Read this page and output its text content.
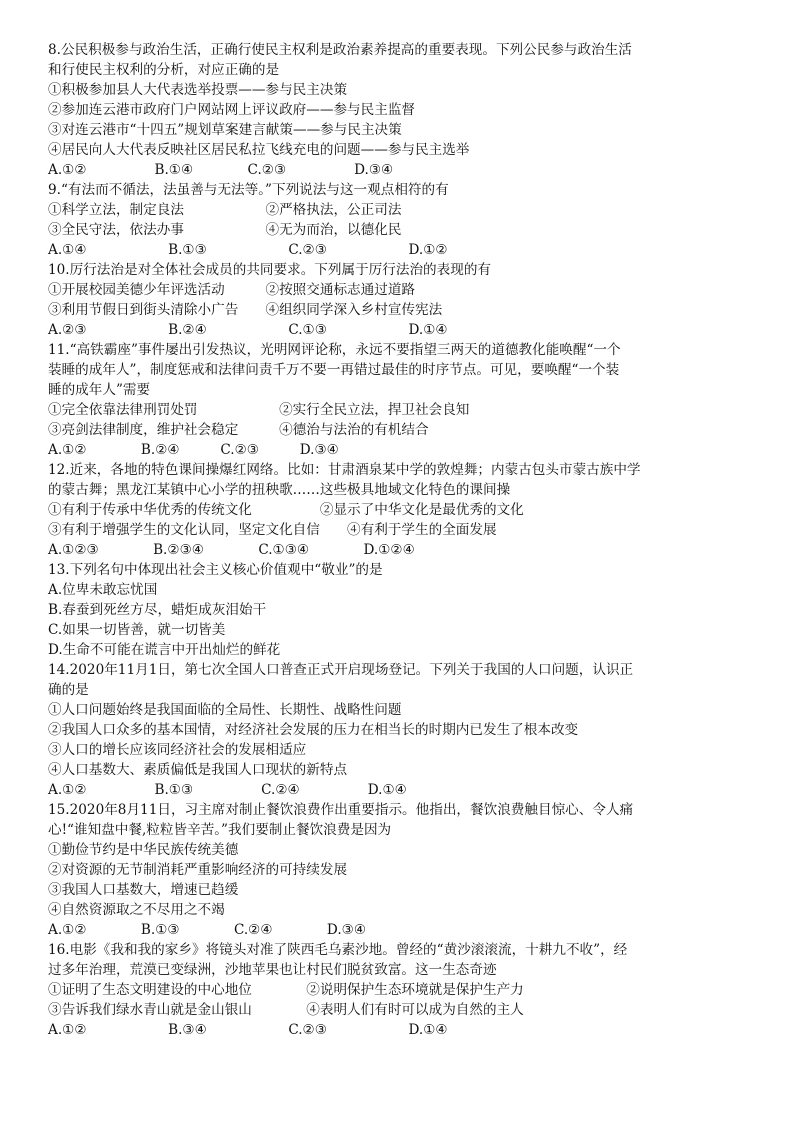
8.公民积极参与政治生活，正确行使民主权利是政治素养提高的重要表现。下列公民参与政治生活
和行使民主权利的分析，对应正确的是
①积极参加县人大代表选举投票——参与民主决策
②参加连云港市政府门户网站网上评议政府——参与民主监督
③对连云港市“十四五”规划草案建言献策——参与民主决策
④居民向人大代表反映社区居民私拉飞线充电的问题——参与民主选举
A.①②　　　　　B.①④　　　　C.②③　　　　　D.③④
9.“有法而不循法，法虽善与无法等。”下列说法与这一观点相符的有
①科学立法，制定良法　　　　　　②严格执法，公正司法
③全民守法，依法办事　　　　　　④无为而治，以德化民
A.①④　　　　　　B.①③　　　　　　C.②③　　　　　　D.①②
10.厉行法治是对全体社会成员的共同要求。下列属于厉行法治的表现的有
①开展校园美德少年评选活动　　　②按照交通标志通过道路
③利用节假日到街头清除小广告　　④组织同学深入乡村宣传宪法
A.②③　　　　　　B.②④　　　　　　C.①③　　　　　　D.①④
11.“高铁霸座”事件屡出引发热议，光明网评论称，永远不要指望三两天的道德教化能唤醒“一个
装睡的成年人”，制度惩戒和法律问责千万不要一再错过最佳的时序节点。可见，要唤醒“一个装
睡的成年人”需要
①完全依靠法律刑罚处罚　　　　　　②实行全民立法，捍卫社会良知
③亮剑法律制度，维护社会稳定　　　④德治与法治的有机结合
A.①②　　　　B.②④　　　C.②③　　　D.③④
12.近来，各地的特色课间操爆红网络。比如：甘肃酒泉某中学的敦煌舞；内蒙古包头市蒙古族中学
的蒙古舞；黑龙江某镇中心小学的扭秧歌……这些极具地域文化特色的课间操
①有利于传承中华优秀的传统文化　　　　　②显示了中华文化是最优秀的文化
③有利于增强学生的文化认同，坚定文化自信　　④有利于学生的全面发展
A.①②③　　　　B.②③④　　　　C.①③④　　　　D.①②④
13.下列名句中体现出社会主义核心价值观中“敬业”的是
A.位卑未敢忘忧国
B.春蚕到死丝方尽，蜡炬成灰泪始干
C.如果一切皆善，就一切皆美
D.生命不可能在谎言中开出灿烂的鲜花
14.2020年11月1日，第七次全国人口普查正式开启现场登记。下列关于我国的人口问题，认识正
确的是
①人口问题始终是我国面临的全局性、长期性、战略性问题
②我国人口众多的基本国情，对经济社会发展的压力在相当长的时期内已发生了根本改变
③人口的增长应该同经济社会的发展相适应
④人口基数大、素质偏低是我国人口现状的新特点
A.①②　　　　　B.①③　　　　　C.②④　　　　　D.①④
15.2020年8月11日，习主席对制止餐饮浪费作出重要指示。他指出，餐饮浪费触目惊心、令人痛
心!“谁知盘中餐,粒粒皆辛苦。”我们要制止餐饮浪费是因为
①勤俭节约是中华民族传统美德
②对资源的无节制消耗严重影响经济的可持续发展
③我国人口基数大，增速已趋缓
④自然资源取之不尽用之不竭
A.①②　　　　B.①③　　　　C.②④　　　　D.③④
16.电影《我和我的家乡》将镜头对准了陕西毛乌素沙地。曾经的“黄沙滚滚流，十耕九不收”，经
过多年治理，荒漠已变绿洲，沙地苹果也让村民们脱贫致富。这一生态奇迹
①证明了生态文明建设的中心地位　　　　②说明保护生态环境就是保护生产力
③告诉我们绿水青山就是金山银山　　　　④表明人们有时可以成为自然的主人
A.①②　　　　　　B.③④　　　　　　C.②③　　　　　　D.①④
